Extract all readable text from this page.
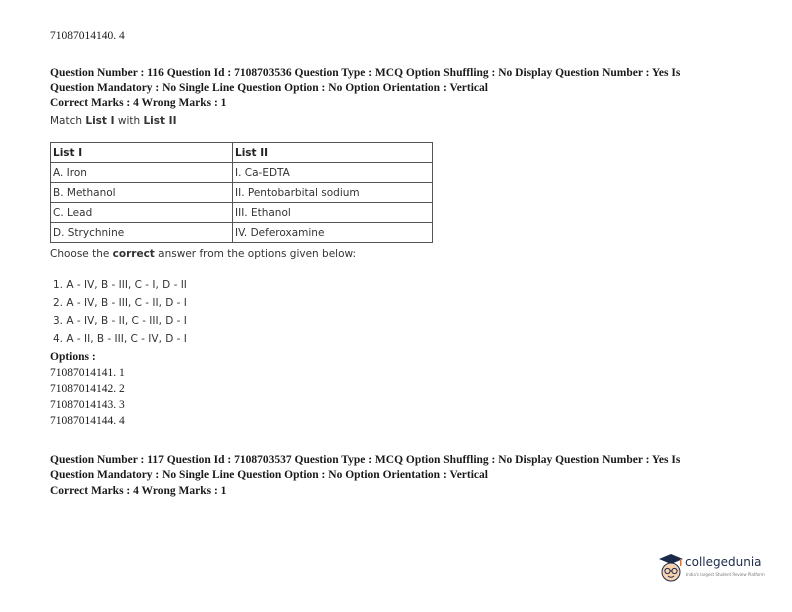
71087014140. 4
Question Number : 116 Question Id : 7108703536 Question Type : MCQ Option Shuffling : No Display Question Number : Yes Is
Question Mandatory : No Single Line Question Option : No Option Orientation : Vertical
Correct Marks : 4 Wrong Marks : 1
Match List I with List II
List I	List II
A. Iron	I. Ca-EDTA
B. Methanol	II. Pentobarbital sodium
C. Lead	III. Ethanol
D. Strychnine	IV. Deferoxamine
Choose the correct answer from the options given below:
1. A - IV, B - III, C - I, D - II
2. A - IV, B - III, C - II, D - I
3. A - IV, B - II, C - III, D - I
4. A - II, B - III, C - IV, D - I
Options :
71087014141. 1
71087014142. 2
71087014143. 3
71087014144. 4
Question Number : 117 Question Id : 7108703537 Question Type : MCQ Option Shuffling : No Display Question Number : Yes Is
Question Mandatory : No Single Line Question Option : No Option Orientation : Vertical
Correct Marks : 4 Wrong Marks : 1
collegedunia
India's largest Student Review Platform
